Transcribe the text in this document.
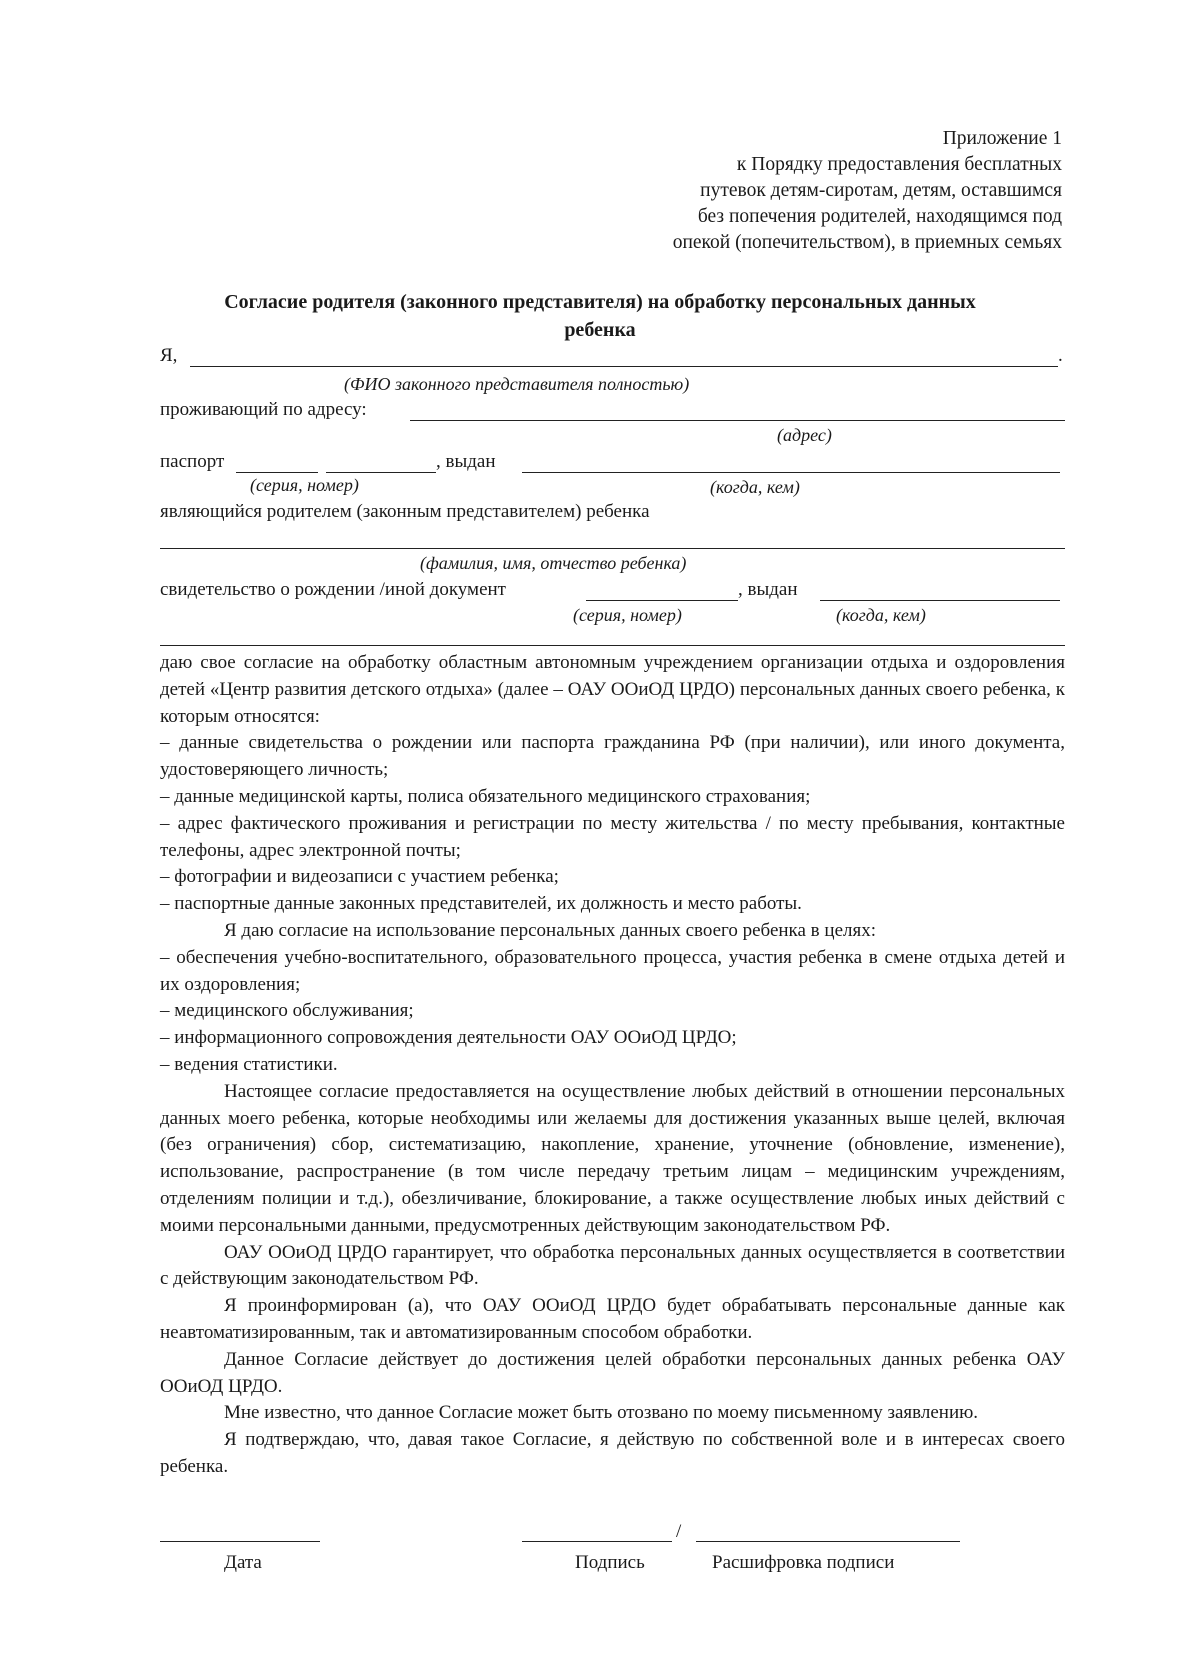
Приложение 1
к Порядку предоставления бесплатных
путевок детям-сиротам, детям, оставшимся
без попечения родителей, находящимся под
опекой (попечительством), в приемных семьях
Согласие родителя (законного представителя) на обработку персональных данных
ребенка
Я,	.
(ФИО законного представителя полностью)
проживающий по адресу:
(адрес)
паспорт	, выдан
(серия, номер)	(когда, кем)
являющийся родителем (законным представителем) ребенка
(фамилия, имя, отчество ребенка)
свидетельство о рождении /иной документ	, выдан
(серия, номер)	(когда, кем)

даю свое согласие на обработку областным автономным учреждением организации отдыха и оздоровления детей «Центр развития детского отдыха» (далее – ОАУ ООиОД ЦРДО) персональных данных своего ребенка, к которым относятся:

– данные свидетельства о рождении или паспорта гражданина РФ (при наличии), или иного документа, удостоверяющего личность;

– данные медицинской карты, полиса обязательного медицинского страхования;

– адрес фактического проживания и регистрации по месту жительства / по месту пребывания, контактные телефоны, адрес электронной почты;

– фотографии и видеозаписи с участием ребенка;

– паспортные данные законных представителей, их должность и место работы.

Я даю согласие на использование персональных данных своего ребенка в целях:

– обеспечения учебно-воспитательного, образовательного процесса, участия ребенка в смене отдыха детей и их оздоровления;

– медицинского обслуживания;

– информационного сопровождения деятельности ОАУ ООиОД ЦРДО;

– ведения статистики.

Настоящее согласие предоставляется на осуществление любых действий в отношении персональных данных моего ребенка, которые необходимы или желаемы для достижения указанных выше целей, включая (без ограничения) сбор, систематизацию, накопление, хранение, уточнение (обновление, изменение), использование, распространение (в том числе передачу третьим лицам – медицинским учреждениям, отделениям полиции и т.д.), обезличивание, блокирование, а также осуществление любых иных действий с моими персональными данными, предусмотренных действующим законодательством РФ.

ОАУ ООиОД ЦРДО гарантирует, что обработка персональных данных осуществляется в соответствии с действующим законодательством РФ.

Я проинформирован (а), что ОАУ ООиОД ЦРДО будет обрабатывать персональные данные как неавтоматизированным, так и автоматизированным способом обработки.

Данное Согласие действует до достижения целей обработки персональных данных ребенка ОАУ ООиОД ЦРДО.

Мне известно, что данное Согласие может быть отозвано по моему письменному заявлению.

Я подтверждаю, что, давая такое Согласие, я действую по собственной воле и в интересах своего ребенка.

Дата
/
Подпись	Расшифровка подписи
